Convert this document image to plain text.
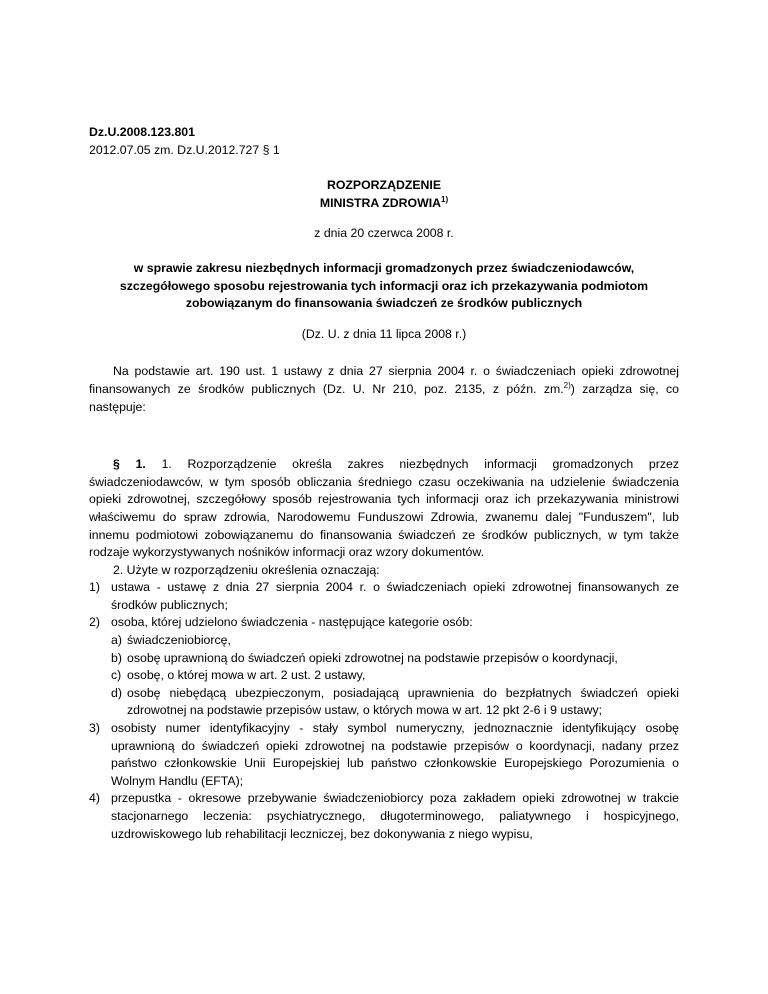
Dz.U.2008.123.801

2012.07.05 zm. Dz.U.2012.727 § 1

ROZPORZĄDZENIE

MINISTRA ZDROWIA$^{1)}$

z dnia 20 czerwca 2008 r.

w sprawie zakresu niezbędnych informacji gromadzonych przez świadczeniodawców, szczegółowego sposobu rejestrowania tych informacji oraz ich przekazywania podmiotom zobowiązanym do finansowania świadczeń ze środków publicznych

(Dz. U. z dnia 11 lipca 2008 r.)

Na podstawie art. 190 ust. 1 ustawy z dnia 27 sierpnia 2004 r. o świadczeniach opieki zdrowotnej finansowanych ze środków publicznych (Dz. U. Nr 210, poz. 2135, z późn. zm.$^{2)}$) zarządza się, co następuje:

§ 1. 1. Rozporządzenie określa zakres niezbędnych informacji gromadzonych przez świadczeniodawców, w tym sposób obliczania średniego czasu oczekiwania na udzielenie świadczenia opieki zdrowotnej, szczegółowy sposób rejestrowania tych informacji oraz ich przekazywania ministrowi właściwemu do spraw zdrowia, Narodowemu Funduszowi Zdrowia, zwanemu dalej "Funduszem", lub innemu podmiotowi zobowiązanemu do finansowania świadczeń ze środków publicznych, w tym także rodzaje wykorzystywanych nośników informacji oraz wzory dokumentów.

2. Użyte w rozporządzeniu określenia oznaczają:

1) ustawa - ustawę z dnia 27 sierpnia 2004 r. o świadczeniach opieki zdrowotnej finansowanych ze środków publicznych;
2) osoba, której udzielono świadczenia - następujące kategorie osób:
a) świadczeniobiorcę,
b) osobę uprawnioną do świadczeń opieki zdrowotnej na podstawie przepisów o koordynacji,
c) osobę, o której mowa w art. 2 ust. 2 ustawy,
d) osobę niebędącą ubezpieczonym, posiadającą uprawnienia do bezpłatnych świadczeń opieki zdrowotnej na podstawie przepisów ustaw, o których mowa w art. 12 pkt 2-6 i 9 ustawy;
3) osobisty numer identyfikacyjny - stały symbol numeryczny, jednoznacznie identyfikujący osobę uprawnioną do świadczeń opieki zdrowotnej na podstawie przepisów o koordynacji, nadany przez państwo członkowskie Unii Europejskiej lub państwo członkowskie Europejskiego Porozumienia o Wolnym Handlu (EFTA);
4) przepustka - okresowe przebywanie świadczeniobiorcy poza zakładem opieki zdrowotnej w trakcie stacjonarnego leczenia: psychiatrycznego, długoterminowego, paliatywnego i hospicyjnego, uzdrowiskowego lub rehabilitacji leczniczej, bez dokonywania z niego wypisu,
